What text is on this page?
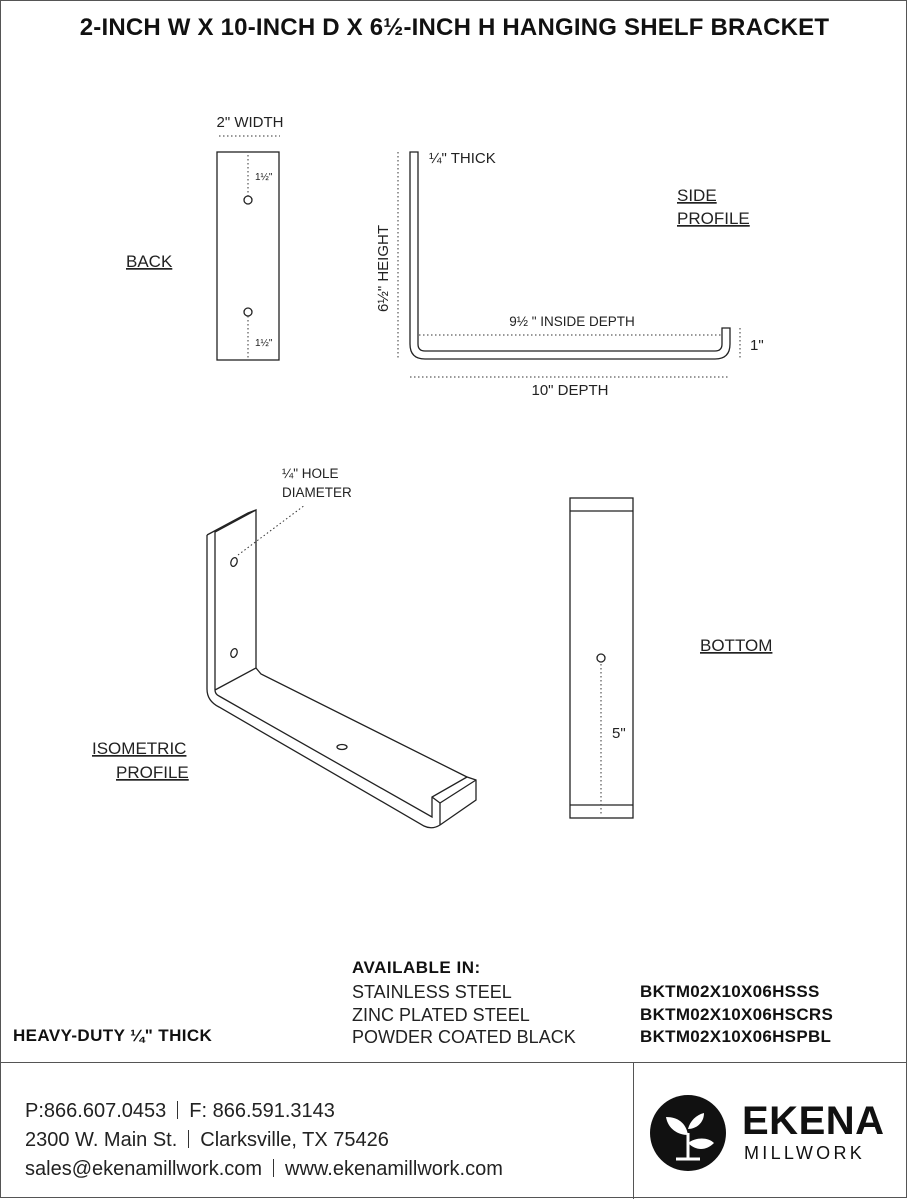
2-INCH W X 10-INCH D X 6½-INCH H HANGING SHELF BRACKET
2" WIDTH
1½"
1½"
BACK
¼" THICK
6½" HEIGHT
9½ " INSIDE DEPTH
1"
10" DEPTH
SIDE
PROFILE
¼" HOLE
DIAMETER
ISOMETRIC
PROFILE
5"
BOTTOM
AVAILABLE IN:
STAINLESS STEEL
ZINC PLATED STEEL
POWDER COATED BLACK
BKTM02X10X06HSSS
BKTM02X10X06HSCRS
BKTM02X10X06HSPBL
HEAVY-DUTY ¼" THICK
P:866.607.0453 F: 866.591.3143
2300 W. Main St. Clarksville, TX 75426
sales@ekenamillwork.com www.ekenamillwork.com
EKENA
MILLWORK
